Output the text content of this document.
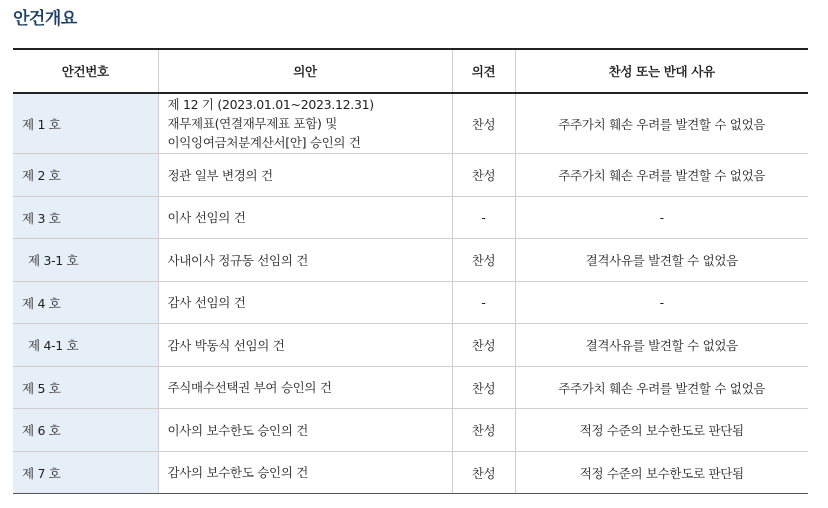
안건개요
안건번호	의안	의견	찬성 또는 반대 사유
제 1 호	제 12 기 (2023.01.01~2023.12.31)
재무제표(연결재무제표 포함) 및
이익잉여금처분계산서[안] 승인의 건	찬성	주주가치 훼손 우려를 발견할 수 없었음
제 2 호	정관 일부 변경의 건	찬성	주주가치 훼손 우려를 발견할 수 없었음
제 3 호	이사 선임의 건	-	-
제 3-1 호	사내이사 정규동 선임의 건	찬성	결격사유를 발견할 수 없었음
제 4 호	감사 선임의 건	-	-
제 4-1 호	감사 박동식 선임의 건	찬성	결격사유를 발견할 수 없었음
제 5 호	주식매수선택권 부여 승인의 건	찬성	주주가치 훼손 우려를 발견할 수 없었음
제 6 호	이사의 보수한도 승인의 건	찬성	적정 수준의 보수한도로 판단됨
제 7 호	감사의 보수한도 승인의 건	찬성	적정 수준의 보수한도로 판단됨
